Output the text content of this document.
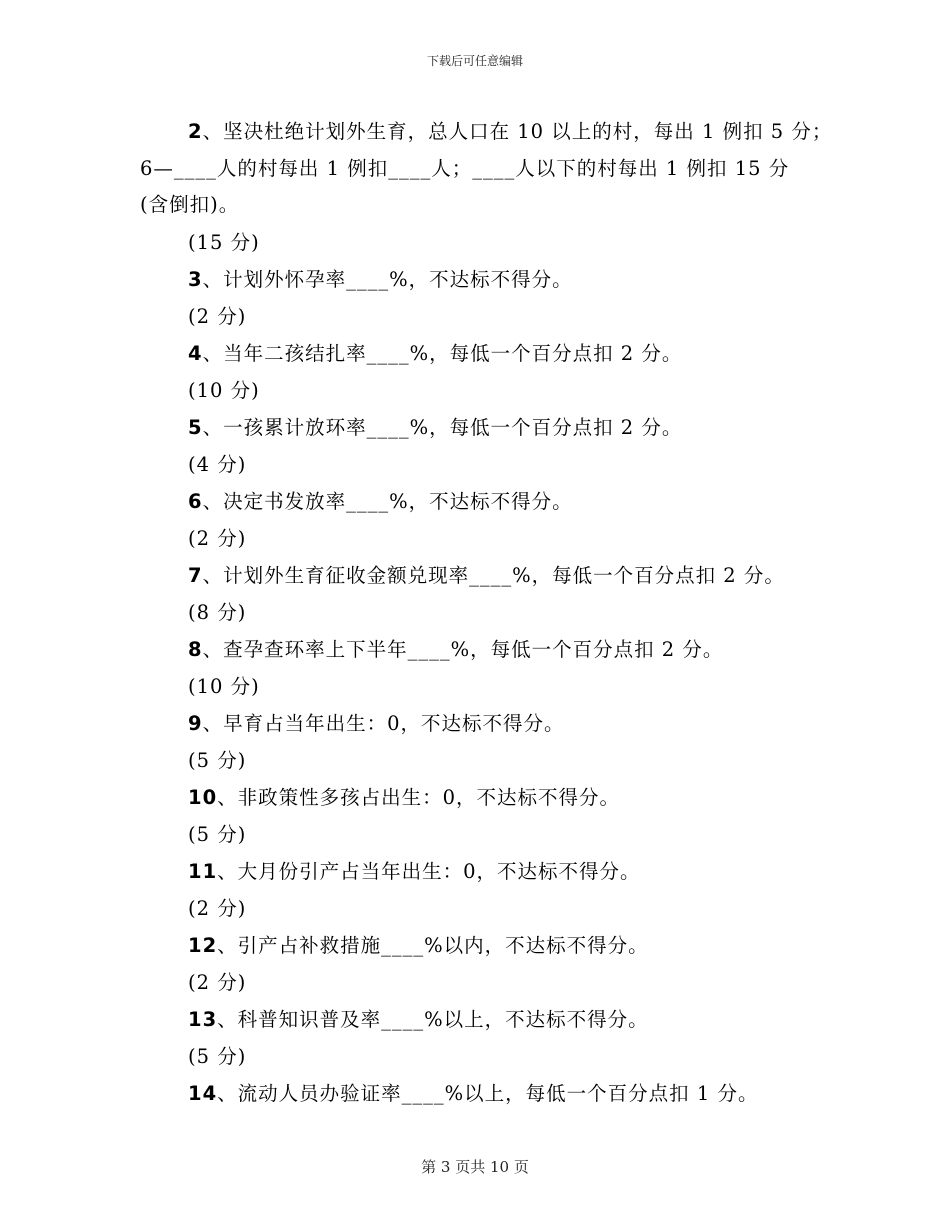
下载后可任意编辑
2、坚决杜绝计划外生育，总人口在 10 以上的村，每出 1 例扣 5 分；
6—____人的村每出 1 例扣____人；____人以下的村每出 1 例扣 15 分
(含倒扣)。
(15 分)
3、计划外怀孕率____%，不达标不得分。
(2 分)
4、当年二孩结扎率____%，每低一个百分点扣 2 分。
(10 分)
5、一孩累计放环率____%，每低一个百分点扣 2 分。
(4 分)
6、决定书发放率____%，不达标不得分。
(2 分)
7、计划外生育征收金额兑现率____%，每低一个百分点扣 2 分。
(8 分)
8、查孕查环率上下半年____%，每低一个百分点扣 2 分。
(10 分)
9、早育占当年出生：0，不达标不得分。
(5 分)
10、非政策性多孩占出生：0，不达标不得分。
(5 分)
11、大月份引产占当年出生：0，不达标不得分。
(2 分)
12、引产占补救措施____%以内，不达标不得分。
(2 分)
13、科普知识普及率____%以上，不达标不得分。
(5 分)
14、流动人员办验证率____%以上，每低一个百分点扣 1 分。
第 3 页共 10 页
